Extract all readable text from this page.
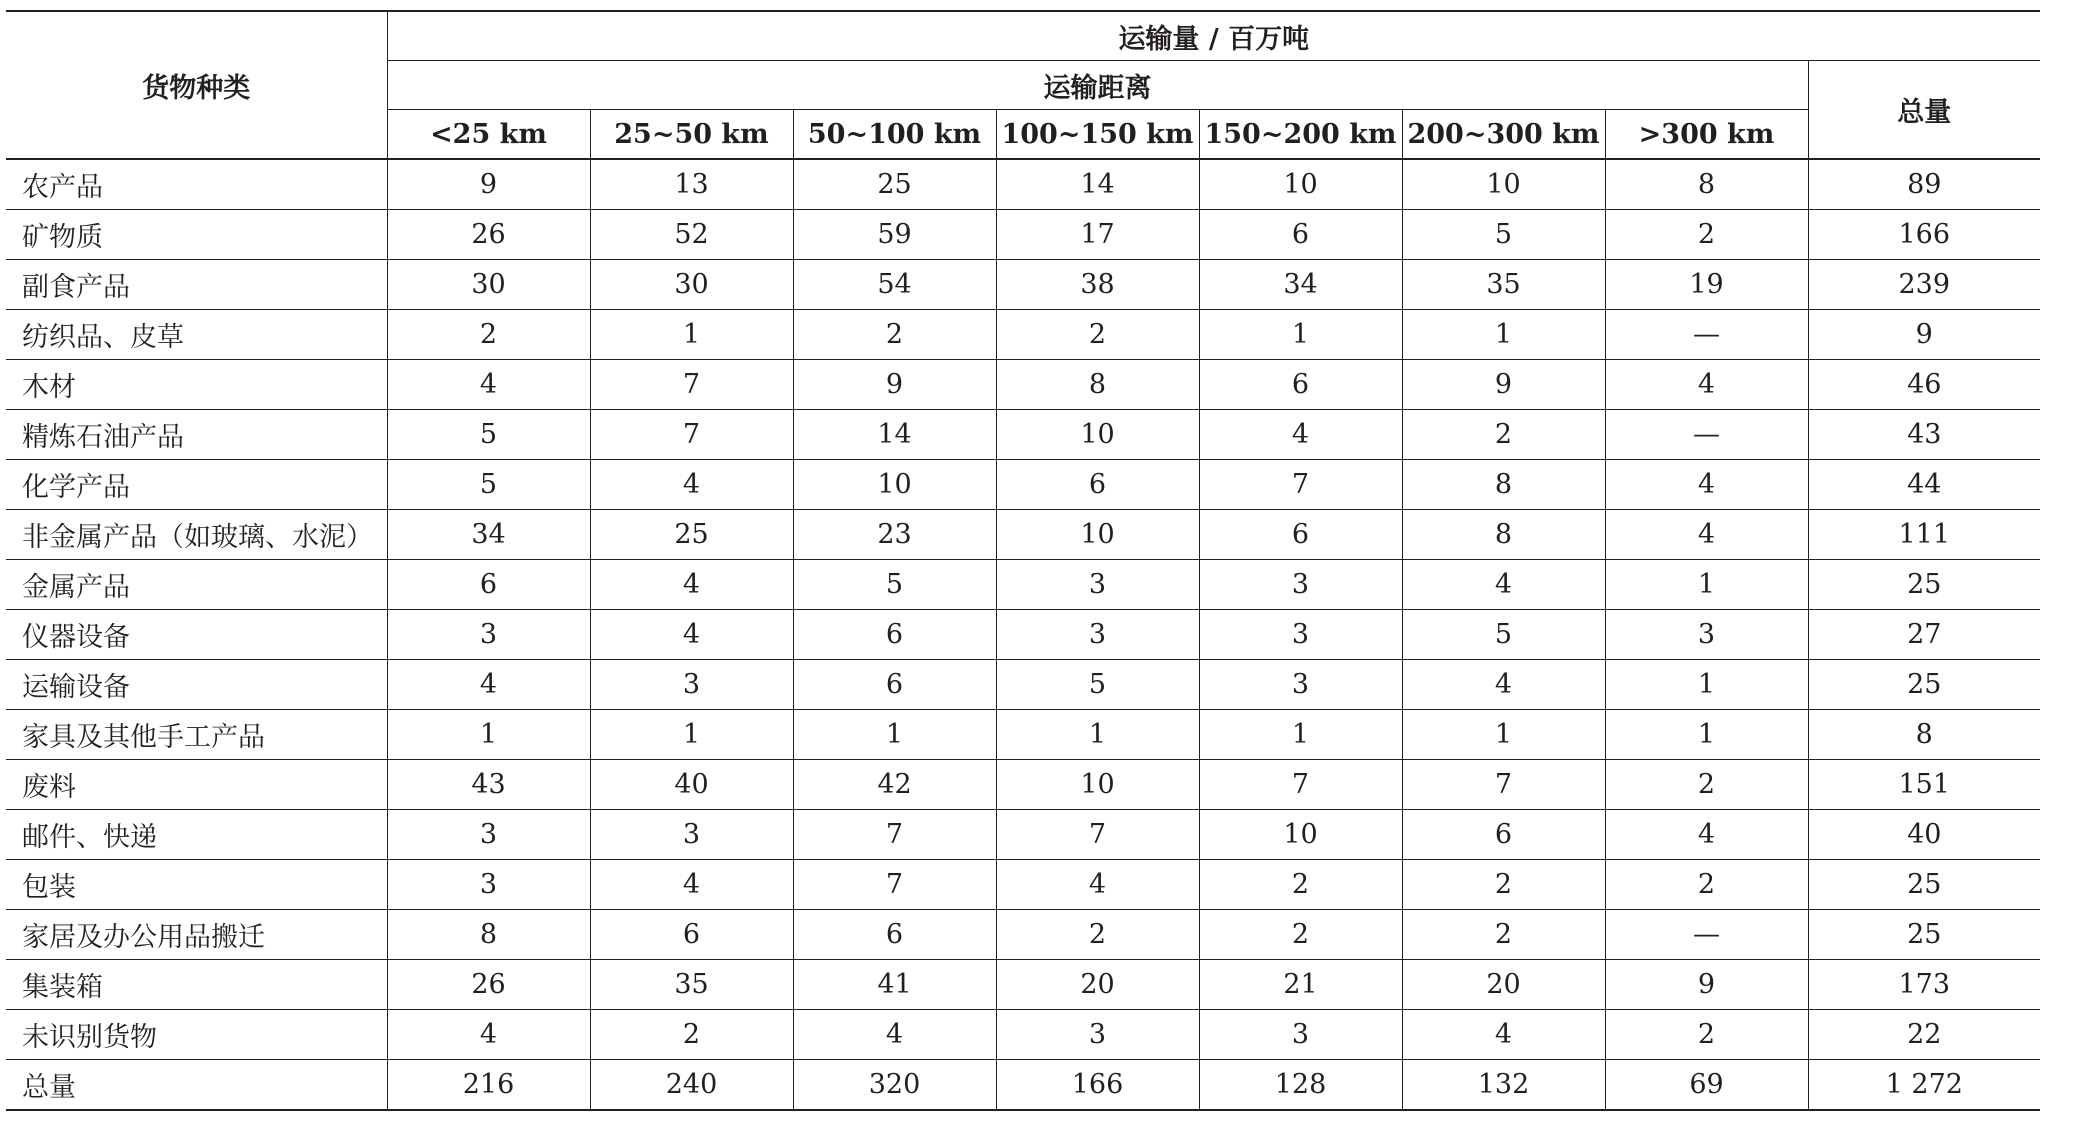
货物种类	运输量 / 百万吨							
	运输距离							总量
	<25 km	25~50 km	50~100 km	100~150 km	150~200 km	200~300 km	>300 km	
农产品	9	13	25	14	10	10	8	89
矿物质	26	52	59	17	6	5	2	166
副食产品	30	30	54	38	34	35	19	239
纺织品、皮草	2	1	2	2	1	1	—	9
木材	4	7	9	8	6	9	4	46
精炼石油产品	5	7	14	10	4	2	—	43
化学产品	5	4	10	6	7	8	4	44
非金属产品（如玻璃、水泥）	34	25	23	10	6	8	4	111
金属产品	6	4	5	3	3	4	1	25
仪器设备	3	4	6	3	3	5	3	27
运输设备	4	3	6	5	3	4	1	25
家具及其他手工产品	1	1	1	1	1	1	1	8
废料	43	40	42	10	7	7	2	151
邮件、快递	3	3	7	7	10	6	4	40
包装	3	4	7	4	2	2	2	25
家居及办公用品搬迁	8	6	6	2	2	2	—	25
集装箱	26	35	41	20	21	20	9	173
未识别货物	4	2	4	3	3	4	2	22
总量	216	240	320	166	128	132	69	1 272
